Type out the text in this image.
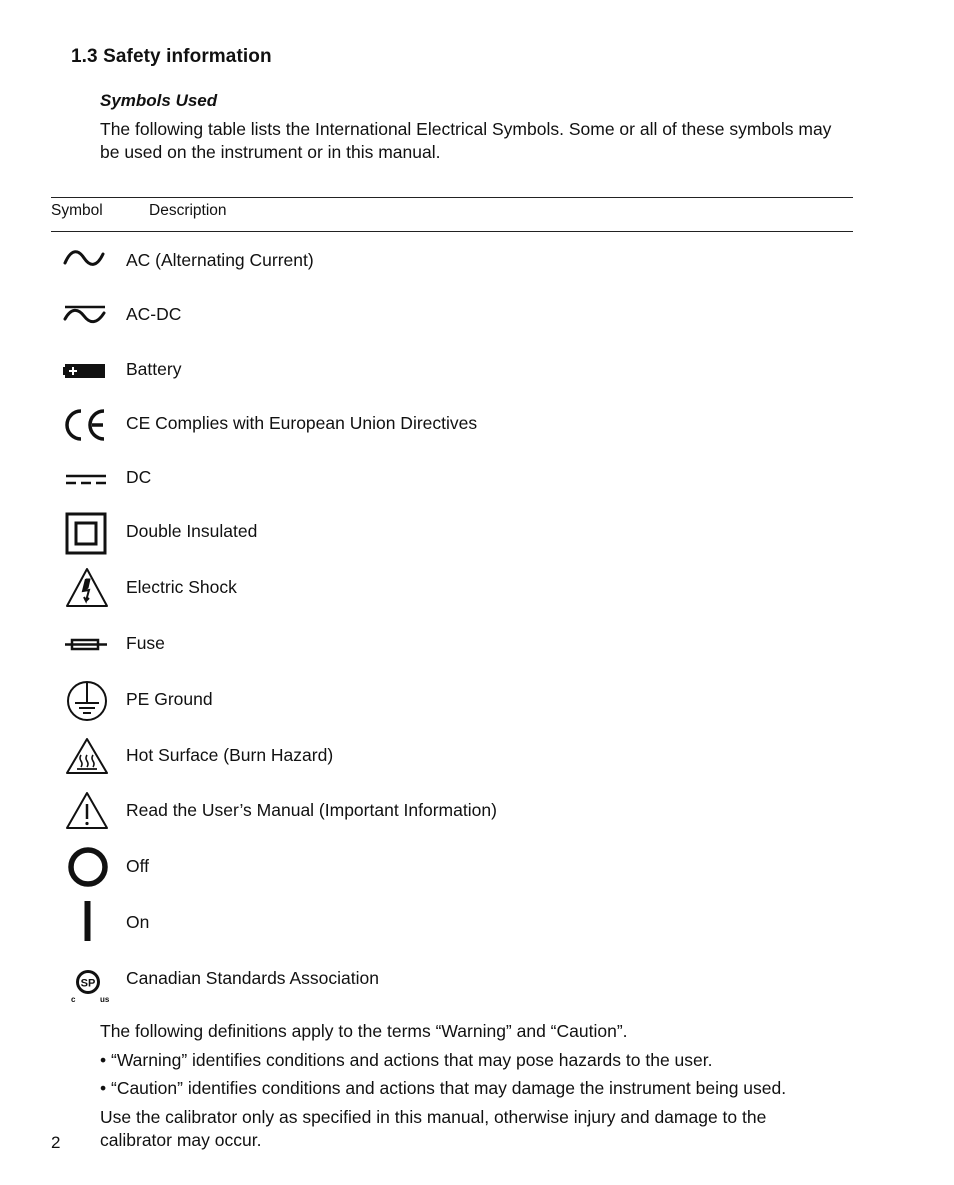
1.3 Safety information
Symbols Used

The following table lists the International Electrical Symbols. Some or all of these symbols may be used on the instrument or in this manual.

Symbol	Description
AC (Alternating Current)
AC-DC
Battery
CE Complies with European Union Directives
DC
Double Insulated
Electric Shock
Fuse
PE Ground
Hot Surface (Burn Hazard)
Read the User’s Manual (Important Information)
Off
On
SP
c	us
Canadian Standards Association

The following definitions apply to the terms “Warning” and “Caution”.

• “Warning” identifies conditions and actions that may pose hazards to the user.

• “Caution” identifies conditions and actions that may damage the instrument being used.

Use the calibrator only as specified in this manual, otherwise injury and damage to the calibrator may occur.

2
